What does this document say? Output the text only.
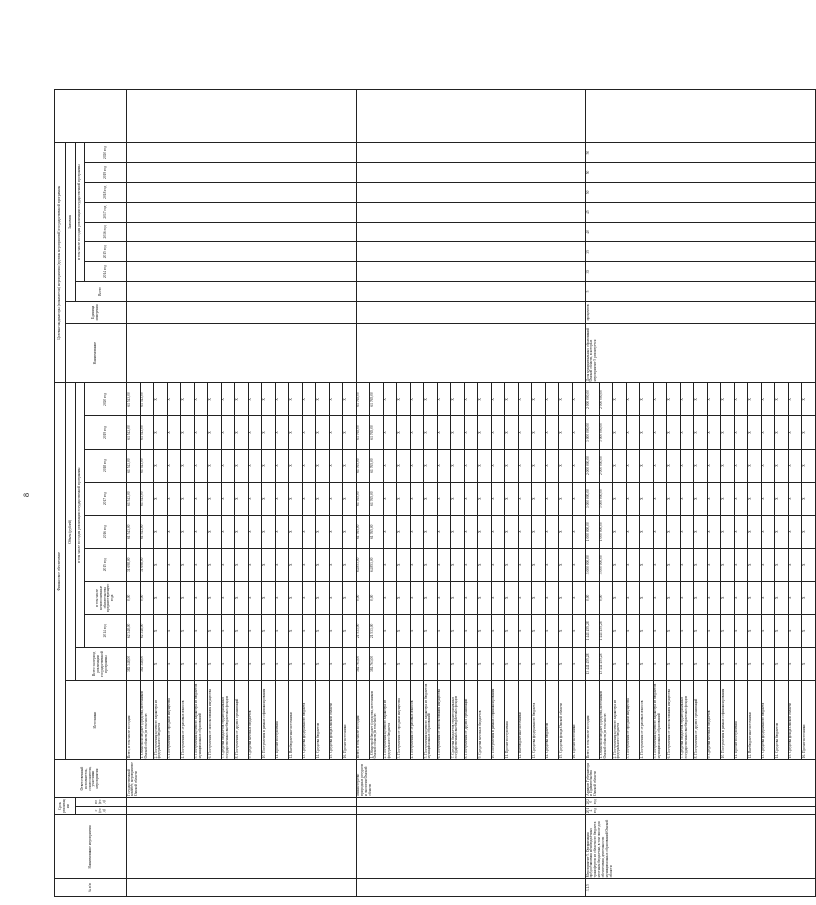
8
№ п/п	Наименование мероприятия	Срок реализации		Ответственный исполнитель, соисполнители, участники мероприятия	Финансовое обеспечение										Целевые индикаторы (показатели) мероприятия (группы мероприятий) государственной программы										
					Источники	Объем (рублей)									Наименование	Единица измерения	Значения								
		с (год)	по (год)			Всего за период реализации государственной программы	в том числе по годам реализации государственной программы										Всего	в том числе по годам реализации государственной программы							
							2014 год	в том числе неисполненные обязательства предшествующего года	2015 год	2016 год	2017 год	2018 год	2019 год	2020 год				2014 год	2015 год	2016 год	2017 год	2018 год	2019 год	2020 год	
				Государственный комитет, мероприятие Омской области	Всего, в том числе по годам:	382 348,00	62 348,00	0,00	31 698,00	61 543,00	61 543,00	61 543,00	61 543,00	61 543,00											
					1. Областной бюджет (средства, источников Омской области) в том числе:	382 348,00	62 348,00	0,00	31 698,00	61 543,00	61 543,00	61 543,00	61 543,00	61 543,00											
					2. Поступления целевого характера из федерального бюджета	Х	Х	Х	Х	Х	Х	Х	Х	Х											
					3. Поступления от продажи имущества	Х	Х	Х	Х	Х	Х	Х	Х	Х											
					4. Поступления от страховых взносов	Х	Х	Х	Х	Х	Х	Х	Х	Х											
					5. Поступления целевого характера из бюджетов муниципальных образований	Х	Х	Х	Х	Х	Х	Х	Х	Х											
					6. Поступления от использования имущества	Х	Х	Х	Х	Х	Х	Х	Х	Х											
					7. Средства бюджетов территориальных государственных внебюджетных фондов	Х	Х	Х	Х	Х	Х	Х	Х	Х											
					8. Поступления от других организаций	Х	Х	Х	Х	Х	Х	Х	Х	Х											
					9. Средства местных бюджетов	Х	Х	Х	Х	Х	Х	Х	Х	Х											
					10. Поступления в рамках софинансирования	Х	Х	Х	Х	Х	Х	Х	Х	Х											
					11. Прочие поступления	Х	Х	Х	Х	Х	Х	Х	Х	Х											
					12. Внебюджетные источники	Х	Х	Х	Х	Х	Х	Х	Х	Х											
					13. Средства федерального бюджета	Х	Х	Х	Х	Х	Х	Х	Х	Х											
					14. Средства бюджетов	Х	Х	Х	Х	Х	Х	Х	Х	Х											
					15. Средства фонда Омской области	Х	Х	Х	Х	Х	Х	Х	Х	Х											
					16. Прочие источники	Х	Х	Х	Х	Х	Х	Х	Х	Х											
				Министерство природных ресурсов и экологии Омской области	Всего, в том числе по годам:	384 763,00	21 533,00	0,00	64 853,00	61 765,00	61 765,00	61 765,00	61 765,00	61 765,00											
					1. Областной бюджет (средства, источников Омской области) в том числе:	384 763,00	21 533,00	0,00	64 853,00	61 765,00	61 765,00	61 765,00	61 765,00	61 765,00											
					2. Поступления целевого характера из федерального бюджета	Х	Х	Х	Х	Х	Х	Х	Х	Х											
					3. Поступления от продажи имущества	Х	Х	Х	Х	Х	Х	Х	Х	Х											
					4. Поступления от страховых взносов	Х	Х	Х	Х	Х	Х	Х	Х	Х											
					5. Поступления целевого характера из бюджетов муниципальных образований	Х	Х	Х	Х	Х	Х	Х	Х	Х											
					6. Поступления от использования имущества	Х	Х	Х	Х	Х	Х	Х	Х	Х											
					7. Средства бюджетов территориальных государственных внебюджетных фондов	Х	Х	Х	Х	Х	Х	Х	Х	Х											
					8. Поступления от других организаций	Х	Х	Х	Х	Х	Х	Х	Х	Х											
					9. Средства местных бюджетов	Х	Х	Х	Х	Х	Х	Х	Х	Х											
					10. Поступления в рамках софинансирования	Х	Х	Х	Х	Х	Х	Х	Х	Х											
					11. Прочие поступления	Х	Х	Х	Х	Х	Х	Х	Х	Х											
					12. Внебюджетные источники	Х	Х	Х	Х	Х	Х	Х	Х	Х											
					13. Средства федерального бюджета	Х	Х	Х	Х	Х	Х	Х	Х	Х											
					14. Средства бюджетов	Х	Х	Х	Х	Х	Х	Х	Х	Х											
					15. Средства фонда Омской области	Х	Х	Х	Х	Х	Х	Х	Х	Х											
					16. Прочие источники	Х	Х	Х	Х	Х	Х	Х	Х	Х											
3.1.5	Мероприятие 5. Организация предоставления межбюджетных трансфертов из областного бюджета местным бюджетам, в том числе для обеспечения деятельности муниципальных образований Омской области	2014 год	2020 год	Аппарат Губернатора и Правительства Омской области	Всего, в том числе по годам:	13 441 455,28	1 441 455,28	0,00	3 000 000,00	1 000 000,00	3 000 000,00	2 000 000,00	3 000 000,00	2 000 000,00	Доля муниципальных образований Омской области, в которых мероприятие 5 реализуется	процентов	5	35	35	40	45	50	50	50	
					1. Областной бюджет (средства, источников Омской области) в том числе:	13 441 455,28	1 441 455,28	0,00	3 000 000,00	1 000 000,00	3 000 000,00	2 000 000,00	3 000 000,00	2 000 000,00											
					2. Поступления целевого характера из федерального бюджета	Х	Х	Х	Х	Х	Х	Х	Х	Х											
					3. Поступления от продажи имущества	Х	Х	Х	Х	Х	Х	Х	Х	Х											
					4. Поступления от страховых взносов	Х	Х	Х	Х	Х	Х	Х	Х	Х											
					5. Поступления целевого характера из бюджетов муниципальных образований	Х	Х	Х	Х	Х	Х	Х	Х	Х											
					6. Поступления от использования имущества	Х	Х	Х	Х	Х	Х	Х	Х	Х											
					7. Средства бюджетов территориальных государственных внебюджетных фондов	Х	Х	Х	Х	Х	Х	Х	Х	Х											
					8. Поступления от других организаций	Х	Х	Х	Х	Х	Х	Х	Х	Х											
					9. Средства местных бюджетов	Х	Х	Х	Х	Х	Х	Х	Х	Х											
					10. Поступления в рамках софинансирования	Х	Х	Х	Х	Х	Х	Х	Х	Х											
					11. Прочие поступления	Х	Х	Х	Х	Х	Х	Х	Х	Х											
					12. Внебюджетные источники	Х	Х	Х	Х	Х	Х	Х	Х	Х											
					13. Средства федерального бюджета	Х	Х	Х	Х	Х	Х	Х	Х	Х											
					14. Средства бюджетов	Х	Х	Х	Х	Х	Х	Х	Х	Х											
					15. Средства фонда Омской области	Х	Х	Х	Х	Х	Х	Х	Х	Х											
					16. Прочие источники	Х	Х	Х	Х	Х	Х	Х	Х	Х											
